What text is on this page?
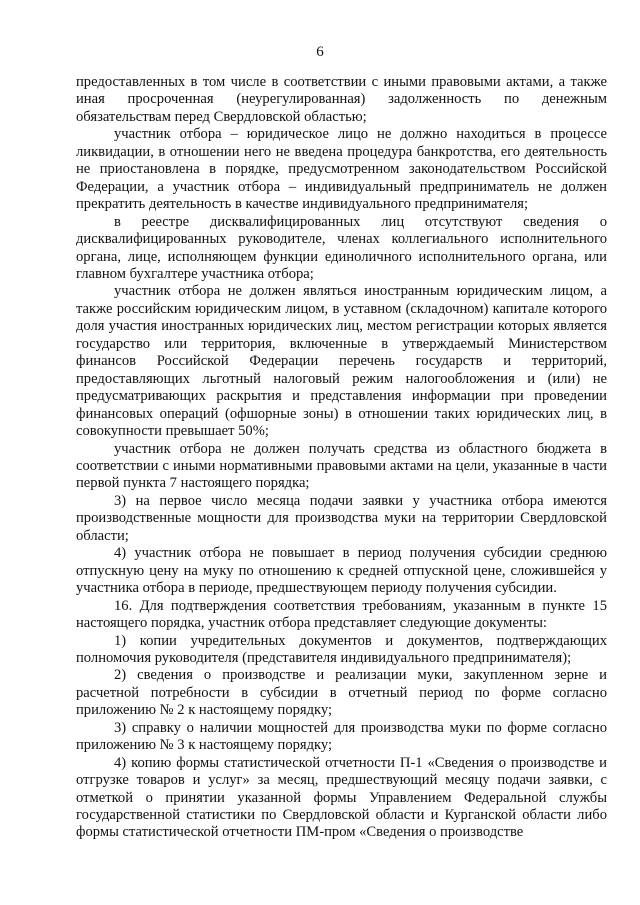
6

предоставленных в том числе в соответствии с иными правовыми актами, а также иная просроченная (неурегулированная) задолженность по денежным обязательствам перед Свердловской областью;

участник отбора – юридическое лицо не должно находиться в процессе ликвидации, в отношении него не введена процедура банкротства, его деятельность не приостановлена в порядке, предусмотренном законодательством Российской Федерации, а участник отбора – индивидуальный предприниматель не должен прекратить деятельность в качестве индивидуального предпринимателя;

в реестре дисквалифицированных лиц отсутствуют сведения о дисквалифицированных руководителе, членах коллегиального исполнительного органа, лице, исполняющем функции единоличного исполнительного органа, или главном бухгалтере участника отбора;

участник отбора не должен являться иностранным юридическим лицом, а также российским юридическим лицом, в уставном (складочном) капитале которого доля участия иностранных юридических лиц, местом регистрации которых является государство или территория, включенные в утверждаемый Министерством финансов Российской Федерации перечень государств и территорий, предоставляющих льготный налоговый режим налогообложения и (или) не предусматривающих раскрытия и представления информации при проведении финансовых операций (офшорные зоны) в отношении таких юридических лиц, в совокупности превышает 50%;

участник отбора не должен получать средства из областного бюджета в соответствии с иными нормативными правовыми актами на цели, указанные в части первой пункта 7 настоящего порядка;

3) на первое число месяца подачи заявки у участника отбора имеются производственные мощности для производства муки на территории Свердловской области;

4) участник отбора не повышает в период получения субсидии среднюю отпускную цену на муку по отношению к средней отпускной цене, сложившейся у участника отбора в периоде, предшествующем периоду получения субсидии.

16. Для подтверждения соответствия требованиям, указанным в пункте 15 настоящего порядка, участник отбора представляет следующие документы:

1) копии учредительных документов и документов, подтверждающих полномочия руководителя (представителя индивидуального предпринимателя);

2) сведения о производстве и реализации муки, закупленном зерне и расчетной потребности в субсидии в отчетный период по форме согласно приложению № 2 к настоящему порядку;

3) справку о наличии мощностей для производства муки по форме согласно приложению № 3 к настоящему порядку;

4) копию формы статистической отчетности П-1 «Сведения о производстве и отгрузке товаров и услуг» за месяц, предшествующий месяцу подачи заявки, с отметкой о принятии указанной формы Управлением Федеральной службы государственной статистики по Свердловской области и Курганской области либо формы статистической отчетности ПМ-пром «Сведения о производстве
